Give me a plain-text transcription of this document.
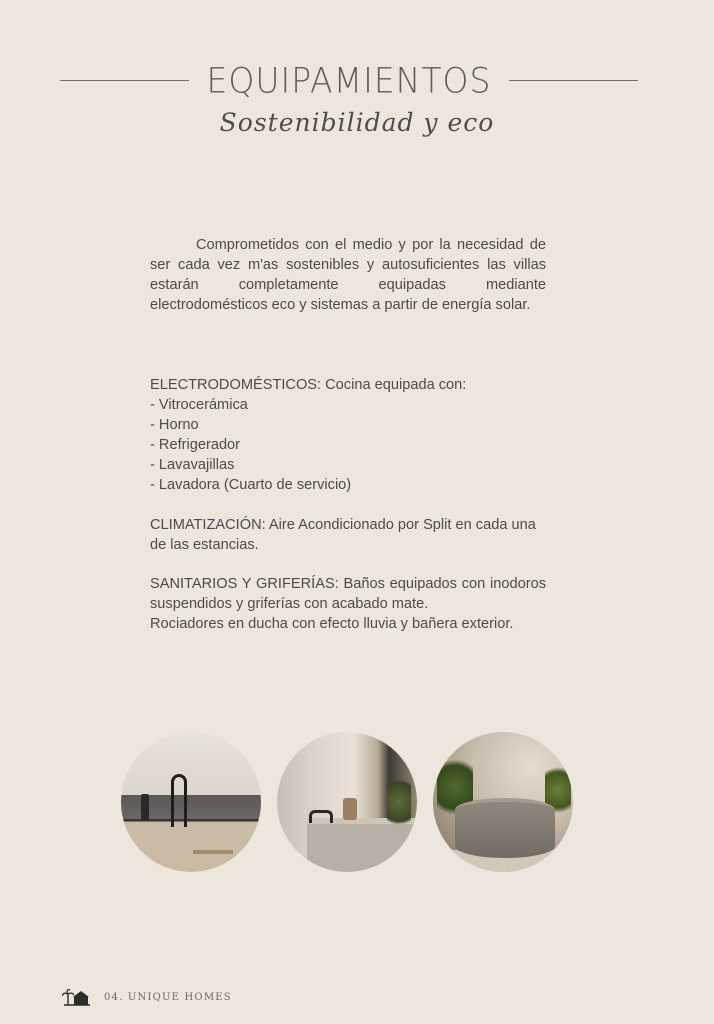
EQUIPAMIENTOS
Sostenibilidad y eco

Comprometidos con el medio y por la necesidad de ser cada vez m'as sostenibles y autosuficientes las villas estarán completamente equipadas mediante electrodomésticos eco y sistemas a partir de energía solar.

ELECTRODOMÉSTICOS: Cocina equipada con:
- Vitrocerámica
- Horno
- Refrigerador
- Lavavajillas
- Lavadora (Cuarto de servicio)

CLIMATIZACIÓN: Aire Acondicionado por Split en cada una de las estancias.

SANITARIOS Y GRIFERÍAS: Baños equipados con inodoros suspendidos y griferías con acabado mate.
Rociadores en ducha con efecto lluvia y bañera exterior.
04. UNIQUE HOMES
